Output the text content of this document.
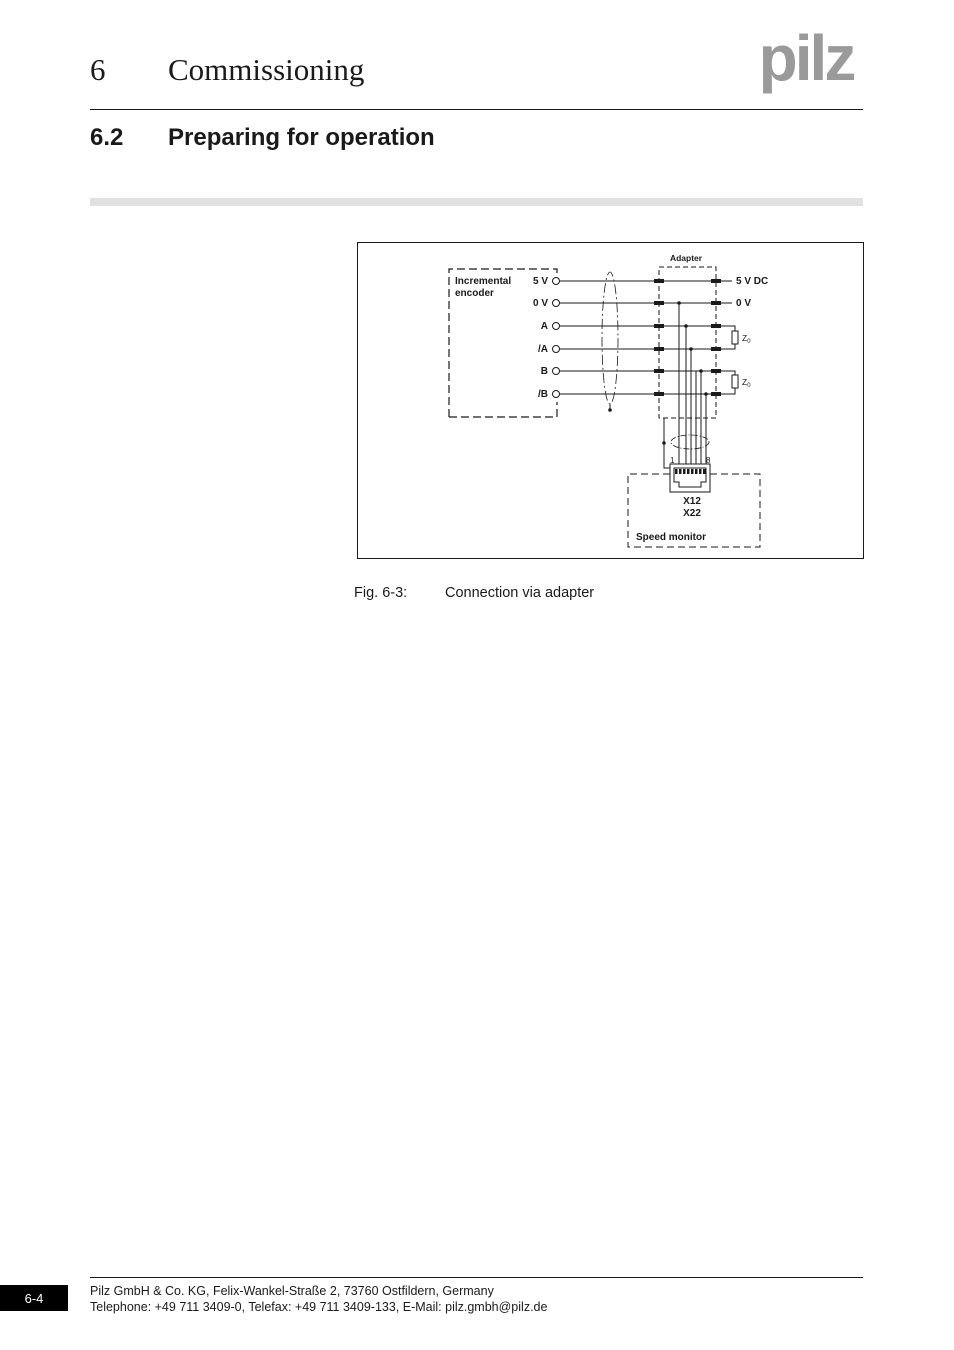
6 Commissioning	pilz
6.2 Preparing for operation
Incremental
encoder
5 V
0 V
A
/A
B
/B
Adapter
$Z_0$
$Z_0$
5 V DC
0 V
1	8
X12
X22
Speed monitor
Fig. 6-3:	Connection via adapter
6-4	Pilz GmbH & Co. KG, Felix-Wankel-Straße 2, 73760 Ostfildern, Germany
Telephone: +49 711 3409-0, Telefax: +49 711 3409-133, E-Mail: pilz.gmbh@pilz.de
